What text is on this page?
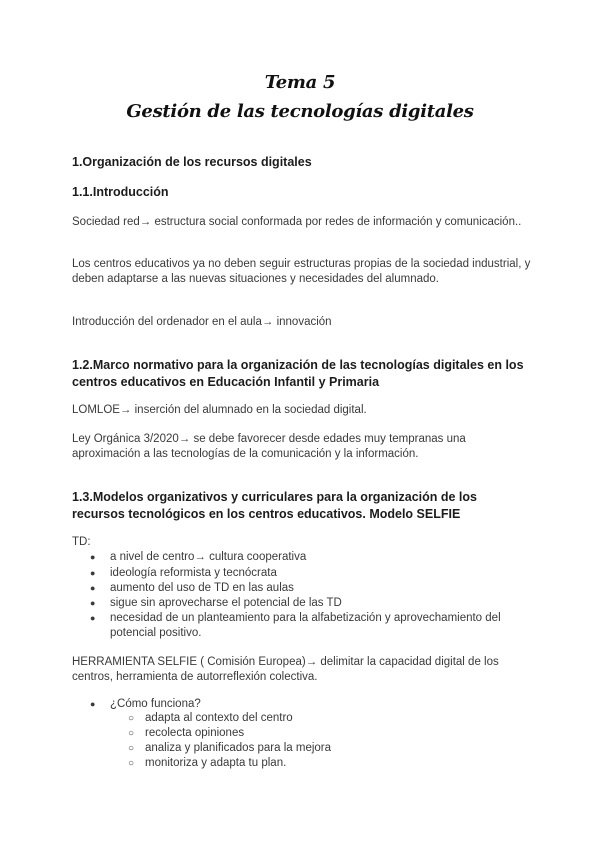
Tema 5
Gestión de las tecnologías digitales
1.Organización de los recursos digitales
1.1.Introducción
Sociedad red→ estructura social conformada por redes de información y comunicación..
Los centros educativos ya no deben seguir estructuras propias de la sociedad industrial, y deben adaptarse a las nuevas situaciones y necesidades del alumnado.
Introducción del ordenador en el aula→ innovación
1.2.Marco normativo para la organización de las tecnologías digitales en los centros educativos en Educación Infantil y Primaria
LOMLOE→ inserción del alumnado en la sociedad digital.
Ley Orgánica 3/2020→ se debe favorecer desde edades muy tempranas una aproximación a las tecnologías de la comunicación y la información.
1.3.Modelos organizativos y curriculares para la organización de los recursos tecnológicos en los centros educativos. Modelo SELFIE
TD:
● a nivel de centro→ cultura cooperativa
● ideología reformista y tecnócrata
● aumento del uso de TD en las aulas
● sigue sin aprovecharse el potencial de las TD
● necesidad de un planteamiento para la alfabetización y aprovechamiento del potencial positivo.
HERRAMIENTA SELFIE ( Comisión Europea)→ delimitar la capacidad digital de los centros, herramienta de autorreflexión colectiva.
● ¿Cómo funciona?
○ adapta al contexto del centro
○ recolecta opiniones
○ analiza y planificados para la mejora
○ monitoriza y adapta tu plan.
